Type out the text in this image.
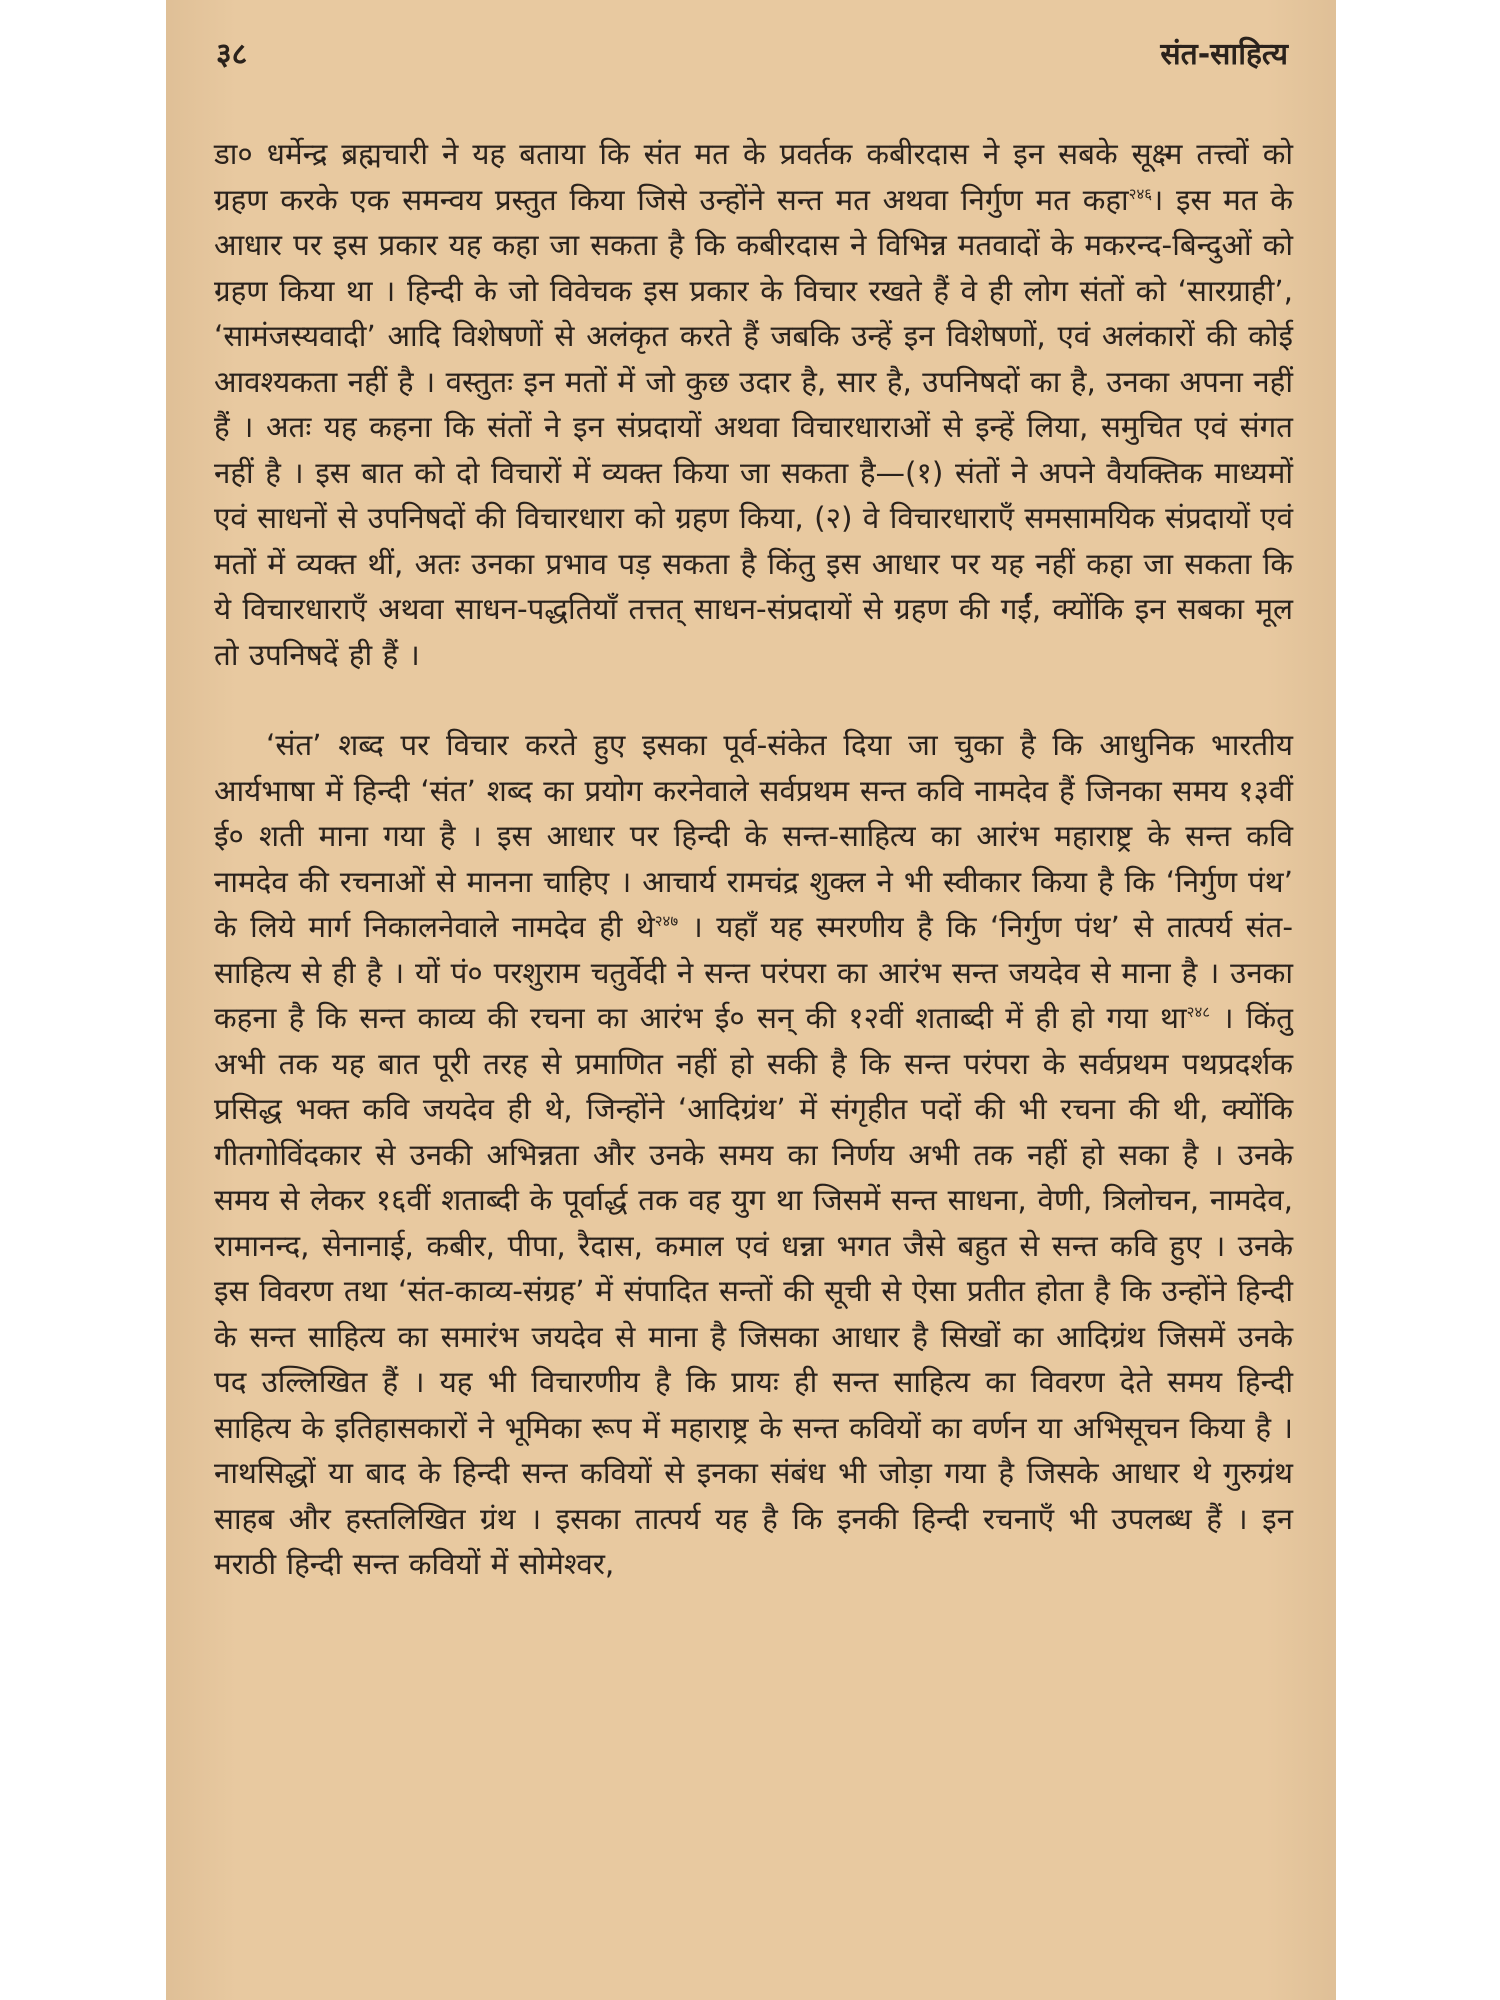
३८	संत-साहित्य

डा० धर्मेन्द्र ब्रह्मचारी ने यह बताया कि संत मत के प्रवर्तक कबीरदास ने इन सबके सूक्ष्म तत्त्वों को ग्रहण करके एक समन्वय प्रस्तुत किया जिसे उन्होंने सन्त मत अथवा निर्गुण मत कहा$^{२४६}$। इस मत के आधार पर इस प्रकार यह कहा जा सकता है कि कबीरदास ने विभिन्न मतवादों के मकरन्द-बिन्दुओं को ग्रहण किया था । हिन्दी के जो विवेचक इस प्रकार के विचार रखते हैं वे ही लोग संतों को ‘सारग्राही’, ‘सामंजस्यवादी’ आदि विशेषणों से अलंकृत करते हैं जबकि उन्हें इन विशेषणों, एवं अलंकारों की कोई आवश्यकता नहीं है । वस्तुतः इन मतों में जो कुछ उदार है, सार है, उपनिषदों का है, उनका अपना नहीं हैं । अतः यह कहना कि संतों ने इन संप्रदायों अथवा विचारधाराओं से इन्हें लिया, समुचित एवं संगत नहीं है । इस बात को दो विचारों में व्यक्त किया जा सकता है—(१) संतों ने अपने वैयक्तिक माध्यमों एवं साधनों से उपनिषदों की विचारधारा को ग्रहण किया, (२) वे विचारधाराएँ समसामयिक संप्रदायों एवं मतों में व्यक्त थीं, अतः उनका प्रभाव पड़ सकता है किंतु इस आधार पर यह नहीं कहा जा सकता कि ये विचारधाराएँ अथवा साधन-पद्धतियाँ तत्तत् साधन-संप्रदायों से ग्रहण की गईं, क्योंकि इन सबका मूल तो उपनिषदें ही हैं ।

‘संत’ शब्द पर विचार करते हुए इसका पूर्व-संकेत दिया जा चुका है कि आधुनिक भारतीय आर्यभाषा में हिन्दी ‘संत’ शब्द का प्रयोग करनेवाले सर्वप्रथम सन्त कवि नामदेव हैं जिनका समय १३वीं ई० शती माना गया है । इस आधार पर हिन्दी के सन्त-साहित्य का आरंभ महाराष्ट्र के सन्त कवि नामदेव की रचनाओं से मानना चाहिए । आचार्य रामचंद्र शुक्ल ने भी स्वीकार किया है कि ‘निर्गुण पंथ’ के लिये मार्ग निकालनेवाले नामदेव ही थे$^{२४७}$ । यहाँ यह स्मरणीय है कि ‘निर्गुण पंथ’ से तात्पर्य संत-साहित्य से ही है । यों पं० परशुराम चतुर्वेदी ने सन्त परंपरा का आरंभ सन्त जयदेव से माना है । उनका कहना है कि सन्त काव्य की रचना का आरंभ ई० सन् की १२वीं शताब्दी में ही हो गया था$^{२४८}$ । किंतु अभी तक यह बात पूरी तरह से प्रमाणित नहीं हो सकी है कि सन्त परंपरा के सर्वप्रथम पथप्रदर्शक प्रसिद्ध भक्त कवि जयदेव ही थे, जिन्होंने ‘आदिग्रंथ’ में संगृहीत पदों की भी रचना की थी, क्योंकि गीतगोविंदकार से उनकी अभिन्नता और उनके समय का निर्णय अभी तक नहीं हो सका है । उनके समय से लेकर १६वीं शताब्दी के पूर्वार्द्ध तक वह युग था जिसमें सन्त साधना, वेणी, त्रिलोचन, नामदेव, रामानन्द, सेनानाई, कबीर, पीपा, रैदास, कमाल एवं धन्ना भगत जैसे बहुत से सन्त कवि हुए । उनके इस विवरण तथा ‘संत-काव्य-संग्रह’ में संपादित सन्तों की सूची से ऐसा प्रतीत होता है कि उन्होंने हिन्दी के सन्त साहित्य का समारंभ जयदेव से माना है जिसका आधार है सिखों का आदिग्रंथ जिसमें उनके पद उल्लिखित हैं । यह भी विचारणीय है कि प्रायः ही सन्त साहित्य का विवरण देते समय हिन्दी साहित्य के इतिहासकारों ने भूमिका रूप में महाराष्ट्र के सन्त कवियों का वर्णन या अभिसूचन किया है । नाथसिद्धों या बाद के हिन्दी सन्त कवियों से इनका संबंध भी जोड़ा गया है जिसके आधार थे गुरुग्रंथ साहब और हस्तलिखित ग्रंथ । इसका तात्पर्य यह है कि इनकी हिन्दी रचनाएँ भी उपलब्ध हैं । इन मराठी हिन्दी सन्त कवियों में सोमेश्वर,
